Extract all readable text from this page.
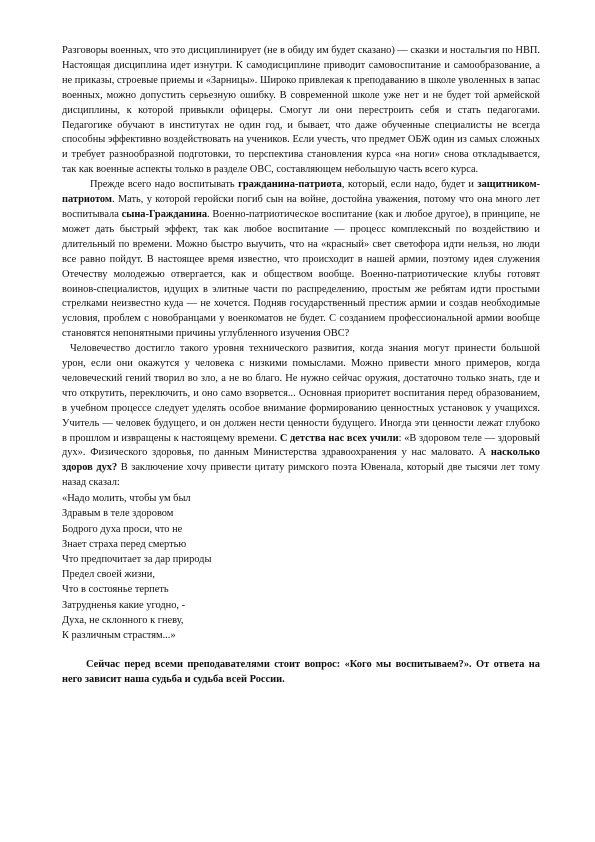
Разговоры военных, что это дисциплинирует (не в обиду им будет сказано) — сказки и ностальгия по НВП. Настоящая дисциплина идет изнутри. К самодисциплине приводит самовоспитание и самообразование, а не приказы, строевые приемы и «Зарницы». Широко привлекая к преподаванию в школе уволенных в запас военных, можно допустить серьезную ошибку. В современной школе уже нет и не будет той армейской дисциплины, к которой привыкли офицеры. Смогут ли они перестроить себя и стать педагогами. Педагогике обучают в институтах не один год, и бывает, что даже обученные специалисты не всегда способны эффективно воздействовать на учеников. Если учесть, что предмет ОБЖ один из самых сложных и требует разнообразной подготовки, то перспектива становления курса «на ноги» снова откладывается, так как военные аспекты только в разделе ОВС, составляющем небольшую часть всего курса.

Прежде всего надо воспитывать гражданина-патриота, который, если надо, будет и защитником-патриотом. Мать, у которой геройски погиб сын на войне, достойна уважения, потому что она много лет воспитывала сына-Гражданина. Военно-патриотическое воспитание (как и любое другое), в принципе, не может дать быстрый эффект, так как любое воспитание — процесс комплексный по воздействию и длительный по времени. Можно быстро выучить, что на «красный» свет светофора идти нельзя, но люди все равно пойдут. В настоящее время известно, что происходит в нашей армии, поэтому идея служения Отечеству молодежью отвергается, как и обществом вообще. Военно-патриотические клубы готовят воинов-специалистов, идущих в элитные части по распределению, простым же ребятам идти простыми стрелками неизвестно куда — не хочется. Подняв государственный престиж армии и создав необходимые условия, проблем с новобранцами у военкоматов не будет. С созданием профессиональной армии вообще становятся непонятными причины углубленного изучения ОВС?

Человечество достигло такого уровня технического развития, когда знания могут принести большой урон, если они окажутся у человека с низкими помыслами. Можно привести много примеров, когда человеческий гений творил во зло, а не во благо. Не нужно сейчас оружия, достаточно только знать, где и что открутить, переключить, и оно само взорвется... Основная приоритет воспитания перед образованием, в учебном процессе следует уделять особое внимание формированию ценностных установок у учащихся. Учитель — человек будущего, и он должен нести ценности будущего. Иногда эти ценности лежат глубоко в прошлом и извращены к настоящему времени. С детства нас всех учили: «В здоровом теле — здоровый дух». Физического здоровья, по данным Министерства здравоохранения у нас маловато. А насколько здоров дух? В заключение хочу привести цитату римского поэта Ювенала, который две тысячи лет тому назад сказал:

«Надо молить, чтобы ум был
Здравым в теле здоровом
Бодрого духа проси, что не
Знает страха перед смертью
Что предпочитает за дар природы
Предел своей жизни,
Что в состоянье терпеть
Затрудненья какие угодно, -
Духа, не склонного к гневу,
К различным страстям...»

Сейчас перед всеми преподавателями стоит вопрос: «Кого мы воспитываем?». От ответа на него зависит наша судьба и судьба всей России.
